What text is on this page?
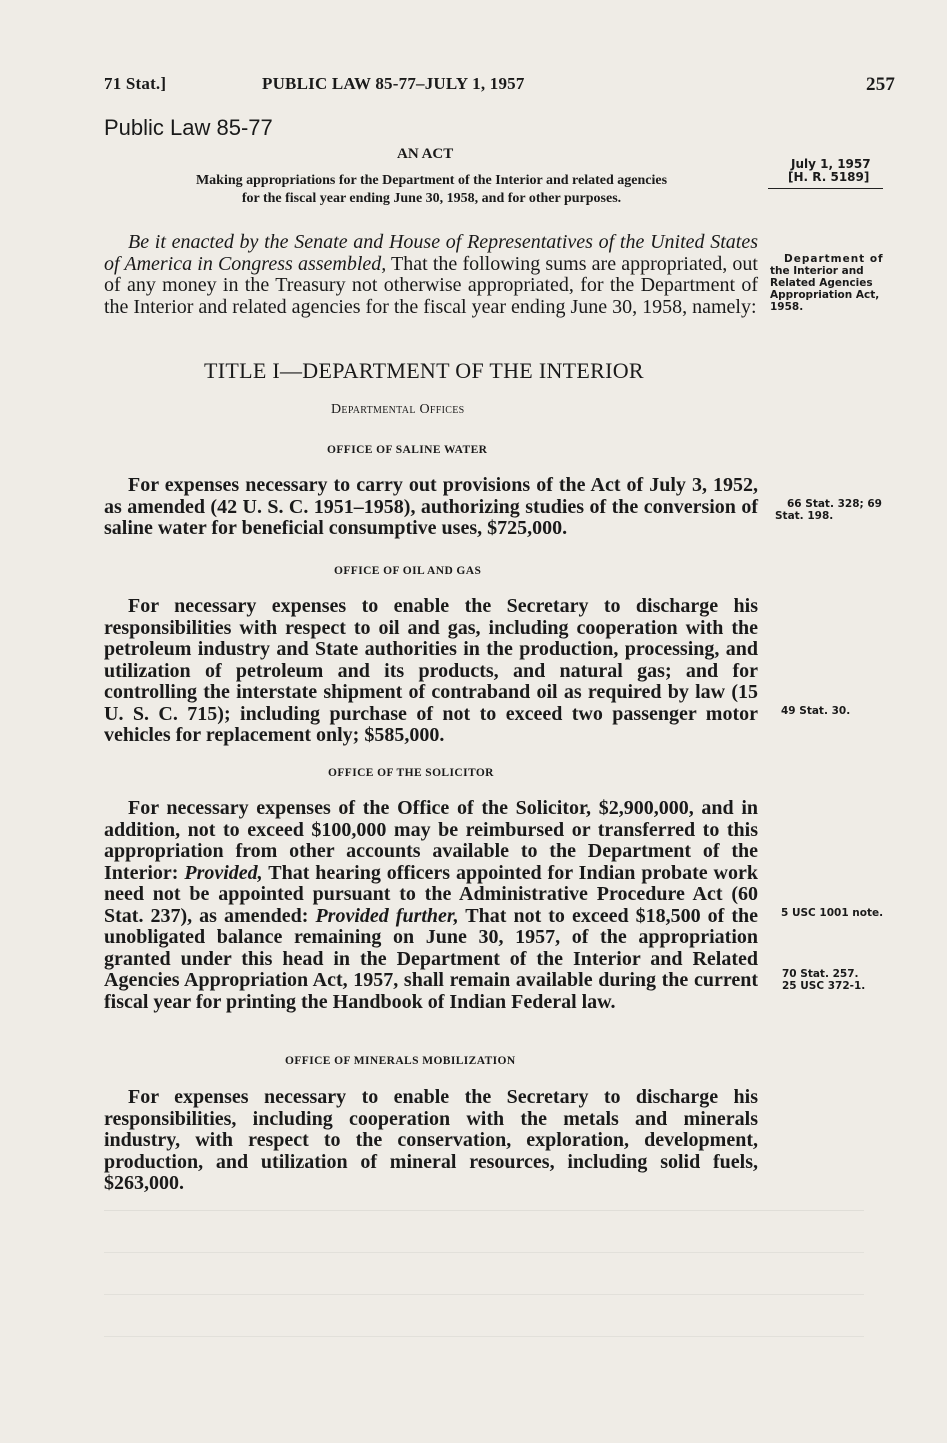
71 Stat.]	PUBLIC LAW 85-77–JULY 1, 1957	257
Public Law 85-77
AN ACT
Making appropriations for the Department of the Interior and related agencies
for the fiscal year ending June 30, 1958, and for other purposes.
July 1, 1957
[H. R. 5189]
Be it enacted by the Senate and House of Representatives of the United States of America in Congress assembled, That the following sums are appropriated, out of any money in the Treasury not otherwise appropriated, for the Department of the Interior and related agencies for the fiscal year ending June 30, 1958, namely:
Department of
the Interior and
Related Agencies
Appropriation Act,
1958.
TITLE I—DEPARTMENT OF THE INTERIOR
Departmental Offices
OFFICE OF SALINE WATER
For expenses necessary to carry out provisions of the Act of July 3, 1952, as amended (42 U. S. C. 1951–1958), authorizing studies of the conversion of saline water for beneficial consumptive uses, $725,000.
66 Stat. 328; 69
Stat. 198.
OFFICE OF OIL AND GAS
For necessary expenses to enable the Secretary to discharge his responsibilities with respect to oil and gas, including cooperation with the petroleum industry and State authorities in the production, processing, and utilization of petroleum and its products, and natural gas; and for controlling the interstate shipment of contraband oil as required by law (15 U. S. C. 715); including purchase of not to exceed two passenger motor vehicles for replacement only; $585,000.
49 Stat. 30.
OFFICE OF THE SOLICITOR
For necessary expenses of the Office of the Solicitor, $2,900,000, and in addition, not to exceed $100,000 may be reimbursed or transferred to this appropriation from other accounts available to the Department of the Interior: Provided, That hearing officers appointed for Indian probate work need not be appointed pursuant to the Administrative Procedure Act (60 Stat. 237), as amended: Provided further, That not to exceed $18,500 of the unobligated balance remaining on June 30, 1957, of the appropriation granted under this head in the Department of the Interior and Related Agencies Appropriation Act, 1957, shall remain available during the current fiscal year for printing the Handbook of Indian Federal law.
5 USC 1001 note.
70 Stat. 257.
25 USC 372-1.
OFFICE OF MINERALS MOBILIZATION
For expenses necessary to enable the Secretary to discharge his responsibilities, including cooperation with the metals and minerals industry, with respect to the conservation, exploration, development, production, and utilization of mineral resources, including solid fuels, $263,000.
